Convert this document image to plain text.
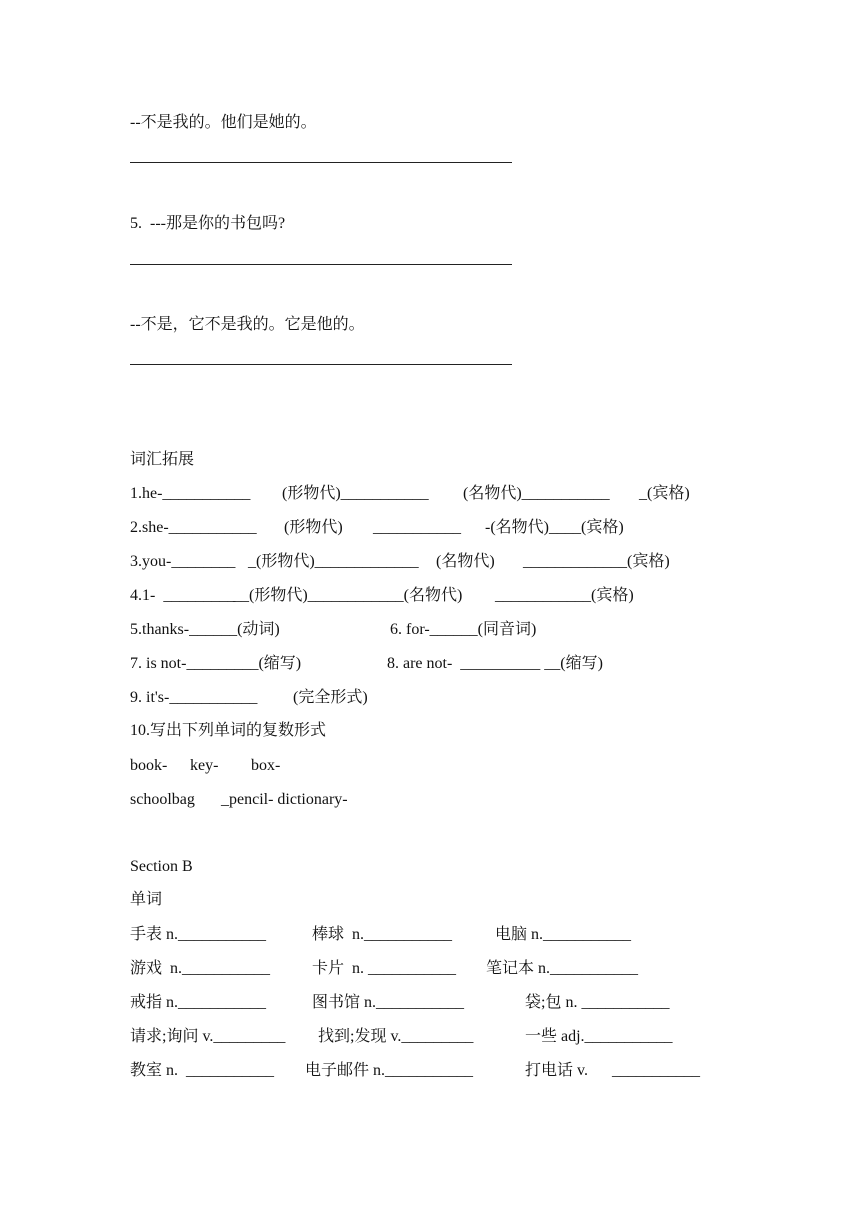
--不是我的。他们是她的。
5.  ---那是你的书包吗?
--不是，它不是我的。它是他的。
词汇拓展
1.he-___________ (形物代)___________ (名物代)___________ _(宾格)
2.she-___________ (形物代) ___________ -(名物代)____(宾格)
3.you-________ _(形物代)_____________ (名物代) _____________(宾格)
4.1-  _________
__(形物代)____________(名物代) ____________(宾格)
5.thanks-______(动词)	6. for-______(同音词)
7. is not-_________(缩写)	8. are not-  __________ __(缩写)
9. it's-___________ (完全形式)
10.写出下列单词的复数形式
book- key- box-
schoolbag _pencil- dictionary-
Section B
单词
手表 n.___________	棒球  n.___________	电脑 n.___________
游戏  n.___________	卡片  n. ___________ 笔记本 n.___________
戒指 n.___________	图书馆 n.___________	袋;包 n. ___________
请求;询问 v._________ 找到;发现 v._________	一些 adj.___________
教室 n.  ___________ 电子邮件 n.___________	打电话 v.      ___________
